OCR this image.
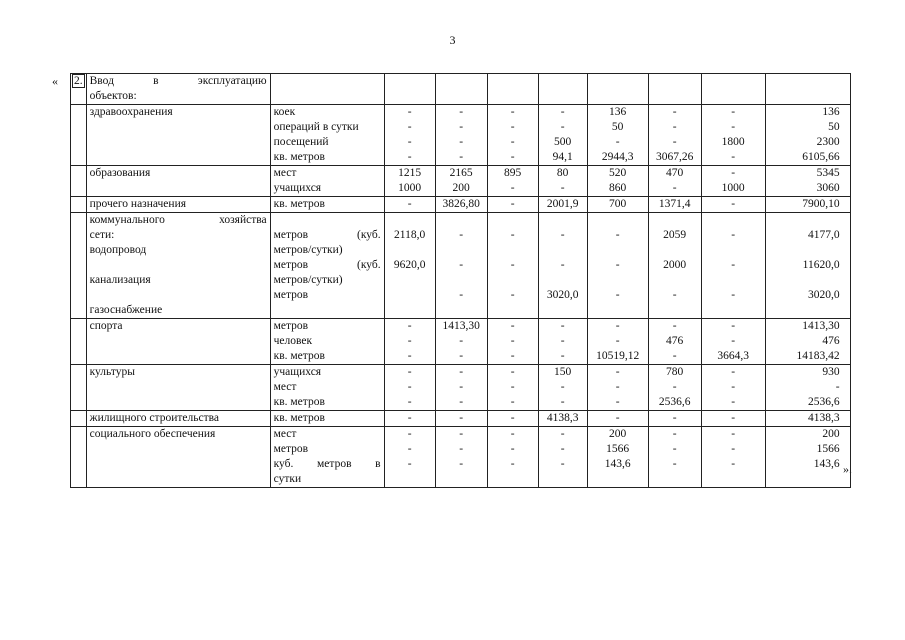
3
«
».
2.	Ввод в эксплуатацию
объектов:									

	здравоохранения	коек	-	-	-	-	136	-	-	136
		операций в сутки	-	-	-	-	50	-	-	50
		посещений	-	-	-	500	-	-	1800	2300
		кв. метров	-	-	-	94,1	2944,3	3067,26	-	6105,66
	образования	мест	1215	2165	895	80	520	470	-	5345
		учащихся	1000	200	-	-	860	-	1000	3060
	прочего назначения	кв. метров	-	3826,80	-	2001,9	700	1371,4	-	7900,10

	коммунального хозяйства									

	сети:	метров (куб.	2118,0	-	-	-	-	2059	-	4177,0
	водопровод	метров/сутки)								

		метров (куб.	9620,0	-	-	-	-	2000	-	11620,0
	канализация	метров/сутки)								
		метров		-	-	3020,0	-	-	-	3020,0
	газоснабжение									
	спорта	метров	-	1413,30	-	-	-	-	-	1413,30
		человек	-	-	-	-	-	476	-	476
		кв. метров	-	-	-	-	10519,12	-	3664,3	14183,42
	культуры	учащихся	-	-	-	150	-	780	-	930
		мест	-	-	-	-	-	-	-	-
		кв. метров	-	-	-	-	-	2536,6	-	2536,6
	жилищного строительства	кв. метров	-	-	-	4138,3	-	-	-	4138,3
	социального обеспечения	мест	-	-	-	-	200	-	-	200
		метров	-	-	-	-	1566	-	-	1566

		куб. метров в	-	-	-	-	143,6	-	-	143,6
		сутки								
